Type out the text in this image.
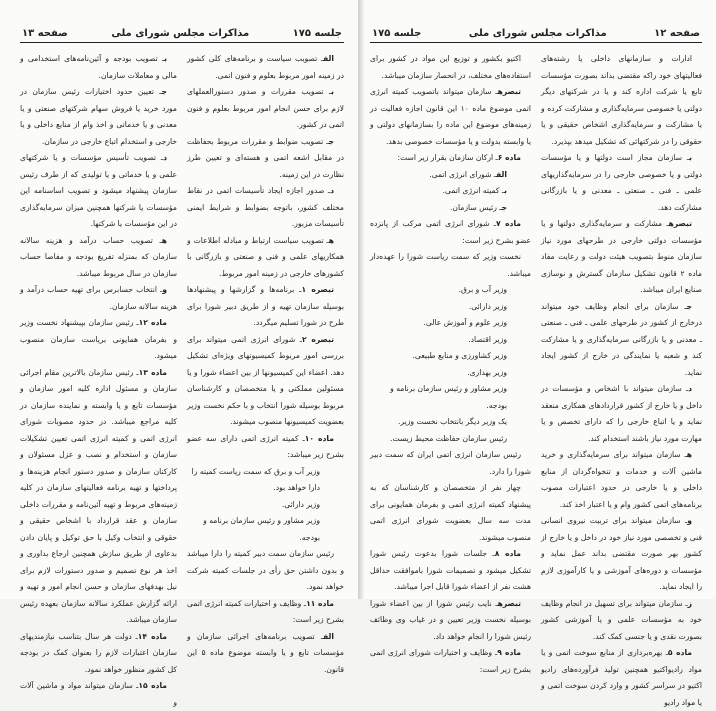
جلسه ۱۷۵
مذاکرات مجلس شورای ملی
صفحه ۱۳

الفـ تصویب سیاست و برنامه‌های کلی کشور در زمینه امور مربوط بعلوم و فنون اتمی.

بـ تصویب مقررات و صدور دستورالعملهای لازم برای حسن انجام امور مربوط بعلوم و فنون اتمی در کشور.

جـ تصویب ضوابط و مقررات مربوط بحفاظت در مقابل اشعه اتمی و هسته‌ای و تعیین طرز نظارت در این زمینه.

دـ صدور اجازه ایجاد تأسیسات اتمی در نقاط مختلف کشور، باتوجه بضوابط و شرایط ایمنی تأسیسات مزبور.

هـ تصویب سیاست ارتباط و مبادله اطلاعات و همکاریهای علمی و فنی و صنعتی و بازرگانی با کشورهای خارجی در زمینه امور مربوط.

تبصره ۱ـ برنامه‌ها و گزارشها و پیشنهادها بوسیله سازمان تهیه و از طریق دبیر شورا برای طرح در شورا تسلیم میگردد.

تبصره ۲ـ شورای انرژی اتمی میتواند برای بررسی امور مربوط کمیسیونهای ویژه‌ای تشکیل دهد. اعضاء این کمیسیونها از بین اعضاء شورا و یا مسئولین مملکتی و یا متخصصان و کارشناسان مربوط بوسیله شورا انتخاب و با حکم نخست وزیر بعضویت کمیسیونها منصوب میشوند.

ماده ۱۰ـ کمیته انرژی اتمی دارای سه عضو بشرح زیر میباشد:

وزیر آب و برق که سمت ریاست کمیته را دارا خواهد بود.

وزیر دارائی.

وزیر مشاور و رئیس سازمان برنامه و بودجه.

رئیس سازمان سمت دبیر کمیته را دارا میباشد و بدون داشتن حق رأی در جلسات کمیته شرکت خواهد نمود.

ماده ۱۱ـ وظایف و اختیارات کمیته انرژی اتمی بشرح زیر است:

الفـ تصویب برنامه‌های اجرائی سازمان و مؤسسات تابع و یا وابسته موضوع ماده ۵ این قانون.

بـ تصویب بودجه و آئین‌نامه‌های استخدامی و مالی و معاملات سازمان.

جـ تعیین حدود اختیارات رئیس سازمان در مورد خرید یا فروش سهام شرکتهای صنعتی و یا معدنی و یا خدماتی و اخذ وام از منابع داخلی و یا خارجی و استخدام اتباع خارجی در سازمان.

دـ تصویب تأسیس مؤسسات و یا شرکتهای علمی و یا خدماتی و یا تولیدی که از طرف رئیس سازمان پیشنهاد میشود و تصویب اساسنامه این مؤسسات یا شرکتها همچنین میزان سرمایه‌گذاری در این مؤسسات یا شرکتها.

هـ تصویب حساب درآمد و هزینه سالانه سازمان که بمنزله تفریغ بودجه و مفاصا حساب سازمان در سال مربوط میباشد.

وـ انتخاب حسابرس برای تهیه حساب درآمد و هزینه سالانه سازمان.

ماده ۱۲ـ رئیس سازمان بپیشنهاد نخست وزیر و بفرمان همایونی بریاست سازمان منصوب میشود.

ماده ۱۳ـ رئیس سازمان بالاترین مقام اجرائی سازمان و مسئول اداره کلیه امور سازمان و مؤسسات تابع و یا وابسته و نماینده سازمان در کلیه مراجع میباشد. در حدود مصوبات شورای انرژی اتمی و کمیته انرژی اتمی تعیین تشکیلات سازمان و استخدام و نصب و عزل مسئولان و کارکنان سازمان و صدور دستور انجام هزینه‌ها و پرداختها و تهیه برنامه فعالیتهای سازمان در کلیه زمینه‌های مربوط و تهیه آئین‌نامه و مقررات داخلی سازمان و عقد قرارداد با اشخاص حقیقی و حقوقی و انتخاب وکیل با حق توکیل و پایان دادن بدعاوی از طریق سازش همچنین ارجاع بداوری و اخذ هر نوع تصمیم و صدور دستورات لازم برای نیل بهدفهای سازمان و حسن انجام امور و تهیه و ارائه گزارش عملکرد سالانه سازمان بعهده رئیس سازمان میباشد.

ماده ۱۴ـ دولت هر سال بتناسب نیازمندیهای سازمان اعتبارات لازم را بعنوان کمک در بودجه کل کشور منظور خواهد نمود.

ماده ۱۵ـ سازمان میتواند مواد و ماشین آلات و

صفحه ۱۲
مذاکرات مجلس شورای ملی
جلسه ۱۷۵

ادارات و سازمانهای داخلی یا رشته‌های فعالیتهای خود راکه مقتضی بداند بصورت مؤسسات تابع یا شرکت اداره کند و یا در شرکتهای دیگر دولتی یا خصوصی سرمایه‌گذاری و مشارکت کرده و یا مشارکت و سرمایه‌گذاری اشخاص حقیقی و یا حقوقی را در شرکتهائی که تشکیل میدهد بپذیرد.

بـ سازمان مجاز است دولتها و یا مؤسسات دولتی و یا خصوصی خارجی را در سرمایه‌گذاریهای علمی ـ فنی ـ صنعتی ـ معدنی و یا بازرگانی مشارکت دهد.

تبصرهـ مشارکت و سرمایه‌گذاری دولتها و یا مؤسسات دولتی خارجی در طرحهای مورد نیاز سازمان منوط بتصویب هیئت دولت و رعایت مفاد ماده ۲ قانون تشکیل سازمان گسترش و نوسازی صنایع ایران میباشد.

جـ سازمان برای انجام وظایف خود میتواند درخارج از کشور در طرحهای علمی ـ فنی ـ صنعتی ـ معدنی و یا بازرگانی سرمایه‌گذاری و یا مشارکت کند و شعبه یا نمایندگی در خارج از کشور ایجاد نماید.

دـ سازمان میتواند با اشخاص و مؤسسات در داخل و یا خارج از کشور قراردادهای همکاری منعقد نماید و یا اتباع خارجی را که دارای تخصص و یا مهارت مورد نیاز باشند استخدام کند.

هـ سازمان میتواند برای سرمایه‌گذاری و خرید ماشین آلات و خدمات و تنخواه‌گردان از منابع داخلی و یا خارجی در حدود اعتبارات مصوب برنامه‌های اتمی کشور وام و یا اعتبار اخذ کند.

وـ سازمان میتواند برای تربیت نیروی انسانی فنی و تخصصی مورد نیاز خود در داخل و یا خارج از کشور بهر صورت مقتضی بداند عمل نماید و مؤسسات و دوره‌های آموزشی و یا کارآموزی لازم را ایجاد نماید.

زـ سازمان میتواند برای تسهیل در انجام وظایف خود به مؤسسات علمی و یا آموزشی کشور بصورت نقدی و یا جنسی کمک کند.

ماده ۵ـ بهره‌برداری از منابع سوخت اتمی و یا مواد رادیواکتیو همچنین تولید فرآورده‌های رادیو اکتیو در سراسر کشور و وارد کردن سوخت اتمی و یا مواد رادیو

اکتیو بکشور و توزیع این مواد در کشور برای استفاده‌های مختلف، در انحصار سازمان میباشد.

تبصرهـ سازمان میتواند باتصویب کمیته انرژی اتمی موضوع ماده ۱۰ این قانون اجازه فعالیت در زمینه‌های موضوع این ماده را بسازمانهای دولتی و یا وابسته بدولت و یا مؤسسات خصوصی بدهد.

ماده ۶ـ ارکان سازمان بقرار زیر است:

الفـ شورای انرژی اتمی.

بـ کمیته انرژی اتمی.

جـ رئیس سازمان.

ماده ۷ـ شورای انرژی اتمی مرکب از پانزده عضو بشرح زیر است:

نخست وزیر که سمت ریاست شورا را عهده‌دار میباشد.

وزیر آب و برق.

وزیر دارائی.

وزیر علوم و آموزش عالی.

وزیر اقتصاد.

وزیر کشاورزی و منابع طبیعی.

وزیر بهداری.

وزیر مشاور و رئیس سازمان برنامه و بودجه.

یک وزیر دیگر بانتخاب نخست وزیر.

رئیس سازمان حفاظت محیط زیست.

رئیس سازمان انرژی اتمی ایران که سمت دبیر شورا را دارد.

چهار نفر از متخصصان و کارشناسان که به پیشنهاد کمیته انرژی اتمی و بفرمان همایونی برای مدت سه سال بعضویت شورای انرژی اتمی منصوب میشوند.

ماده ۸ـ جلسات شورا بدعوت رئیس شورا تشکیل میشود و تصمیمات شورا باموافقت حداقل هشت نفر از اعضاء شورا قابل اجرا میباشد.

تبصرهـ نایب رئیس شورا از بین اعضاء شورا بوسیله نخست وزیر تعیین و در غیاب وی وظائف رئیس شورا را انجام خواهد داد.

ماده ۹ـ وظایف و اختیارات شورای انرژی اتمی بشرح زیر است:
